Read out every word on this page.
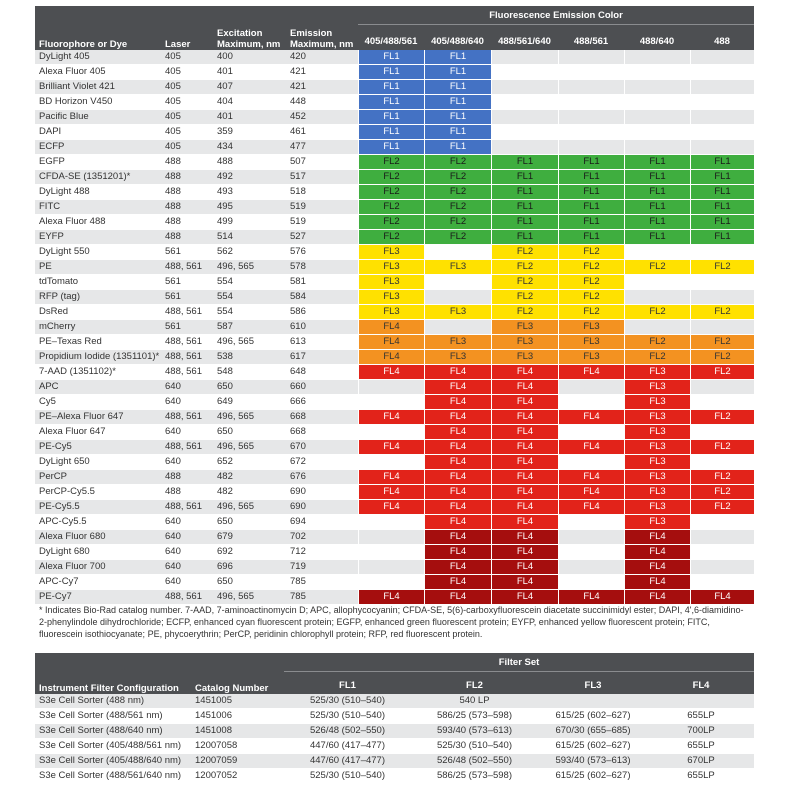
Fluorophore or Dye	Laser	Excitation Maximum, nm	Emission Maximum, nm	Fluorescence Emission Color					
				405/488/561	405/488/640	488/561/640	488/561	488/640	488
DyLight 405	405	400	420	FL1	FL1				
Alexa Fluor 405	405	401	421	FL1	FL1				
Brilliant Violet 421	405	407	421	FL1	FL1				
BD Horizon V450	405	404	448	FL1	FL1				
Pacific Blue	405	401	452	FL1	FL1				
DAPI	405	359	461	FL1	FL1				
ECFP	405	434	477	FL1	FL1				
EGFP	488	488	507	FL2	FL2	FL1	FL1	FL1	FL1
CFDA-SE (1351201)*	488	492	517	FL2	FL2	FL1	FL1	FL1	FL1
DyLight 488	488	493	518	FL2	FL2	FL1	FL1	FL1	FL1
FITC	488	495	519	FL2	FL2	FL1	FL1	FL1	FL1
Alexa Fluor 488	488	499	519	FL2	FL2	FL1	FL1	FL1	FL1
EYFP	488	514	527	FL2	FL2	FL1	FL1	FL1	FL1
DyLight 550	561	562	576	FL3		FL2	FL2		
PE	488, 561	496, 565	578	FL3	FL3	FL2	FL2	FL2	FL2
tdTomato	561	554	581	FL3		FL2	FL2		
RFP (tag)	561	554	584	FL3		FL2	FL2		
DsRed	488, 561	554	586	FL3	FL3	FL2	FL2	FL2	FL2
mCherry	561	587	610	FL4		FL3	FL3		
PE–Texas Red	488, 561	496, 565	613	FL4	FL3	FL3	FL3	FL2	FL2
Propidium Iodide (1351101)*	488, 561	538	617	FL4	FL3	FL3	FL3	FL2	FL2
7-AAD (1351102)*	488, 561	548	648	FL4	FL4	FL4	FL4	FL3	FL2
APC	640	650	660		FL4	FL4		FL3	
Cy5	640	649	666		FL4	FL4		FL3	
PE–Alexa Fluor 647	488, 561	496, 565	668	FL4	FL4	FL4	FL4	FL3	FL2
Alexa Fluor 647	640	650	668		FL4	FL4		FL3	
PE-Cy5	488, 561	496, 565	670	FL4	FL4	FL4	FL4	FL3	FL2
DyLight 650	640	652	672		FL4	FL4		FL3	
PerCP	488	482	676	FL4	FL4	FL4	FL4	FL3	FL2
PerCP-Cy5.5	488	482	690	FL4	FL4	FL4	FL4	FL3	FL2
PE-Cy5.5	488, 561	496, 565	690	FL4	FL4	FL4	FL4	FL3	FL2
APC-Cy5.5	640	650	694		FL4	FL4		FL3	
Alexa Fluor 680	640	679	702		FL4	FL4		FL4	
DyLight 680	640	692	712		FL4	FL4		FL4	
Alexa Fluor 700	640	696	719		FL4	FL4		FL4	
APC-Cy7	640	650	785		FL4	FL4		FL4	
PE-Cy7	488, 561	496, 565	785	FL4	FL4	FL4	FL4	FL4	FL4

* Indicates Bio-Rad catalog number. 7-AAD, 7-aminoactinomycin D; APC, allophycocyanin; CFDA-SE, 5(6)-carboxyfluorescein diacetate succinimidyl ester; DAPI, 4',6-diamidino-2-phenylindole dihydrochloride; ECFP, enhanced cyan fluorescent protein; EGFP, enhanced green fluorescent protein; EYFP, enhanced yellow fluorescent protein; FITC, fluorescein isothiocyanate; PE, phycoerythrin; PerCP, peridinin chlorophyll protein; RFP, red fluorescent protein.

Instrument Filter Configuration	Catalog Number	Filter Set			
		FL1	FL2	FL3	FL4
S3e Cell Sorter (488 nm)	1451005	525/30 (510–540)	540 LP		
S3e Cell Sorter (488/561 nm)	1451006	525/30 (510–540)	586/25 (573–598)	615/25 (602–627)	655LP
S3e Cell Sorter (488/640 nm)	1451008	526/48 (502–550)	593/40 (573–613)	670/30 (655–685)	700LP
S3e Cell Sorter (405/488/561 nm)	12007058	447/60 (417–477)	525/30 (510–540)	615/25 (602–627)	655LP
S3e Cell Sorter (405/488/640 nm)	12007059	447/60 (417–477)	526/48 (502–550)	593/40 (573–613)	670LP
S3e Cell Sorter (488/561/640 nm)	12007052	525/30 (510–540)	586/25 (573–598)	615/25 (602–627)	655LP
